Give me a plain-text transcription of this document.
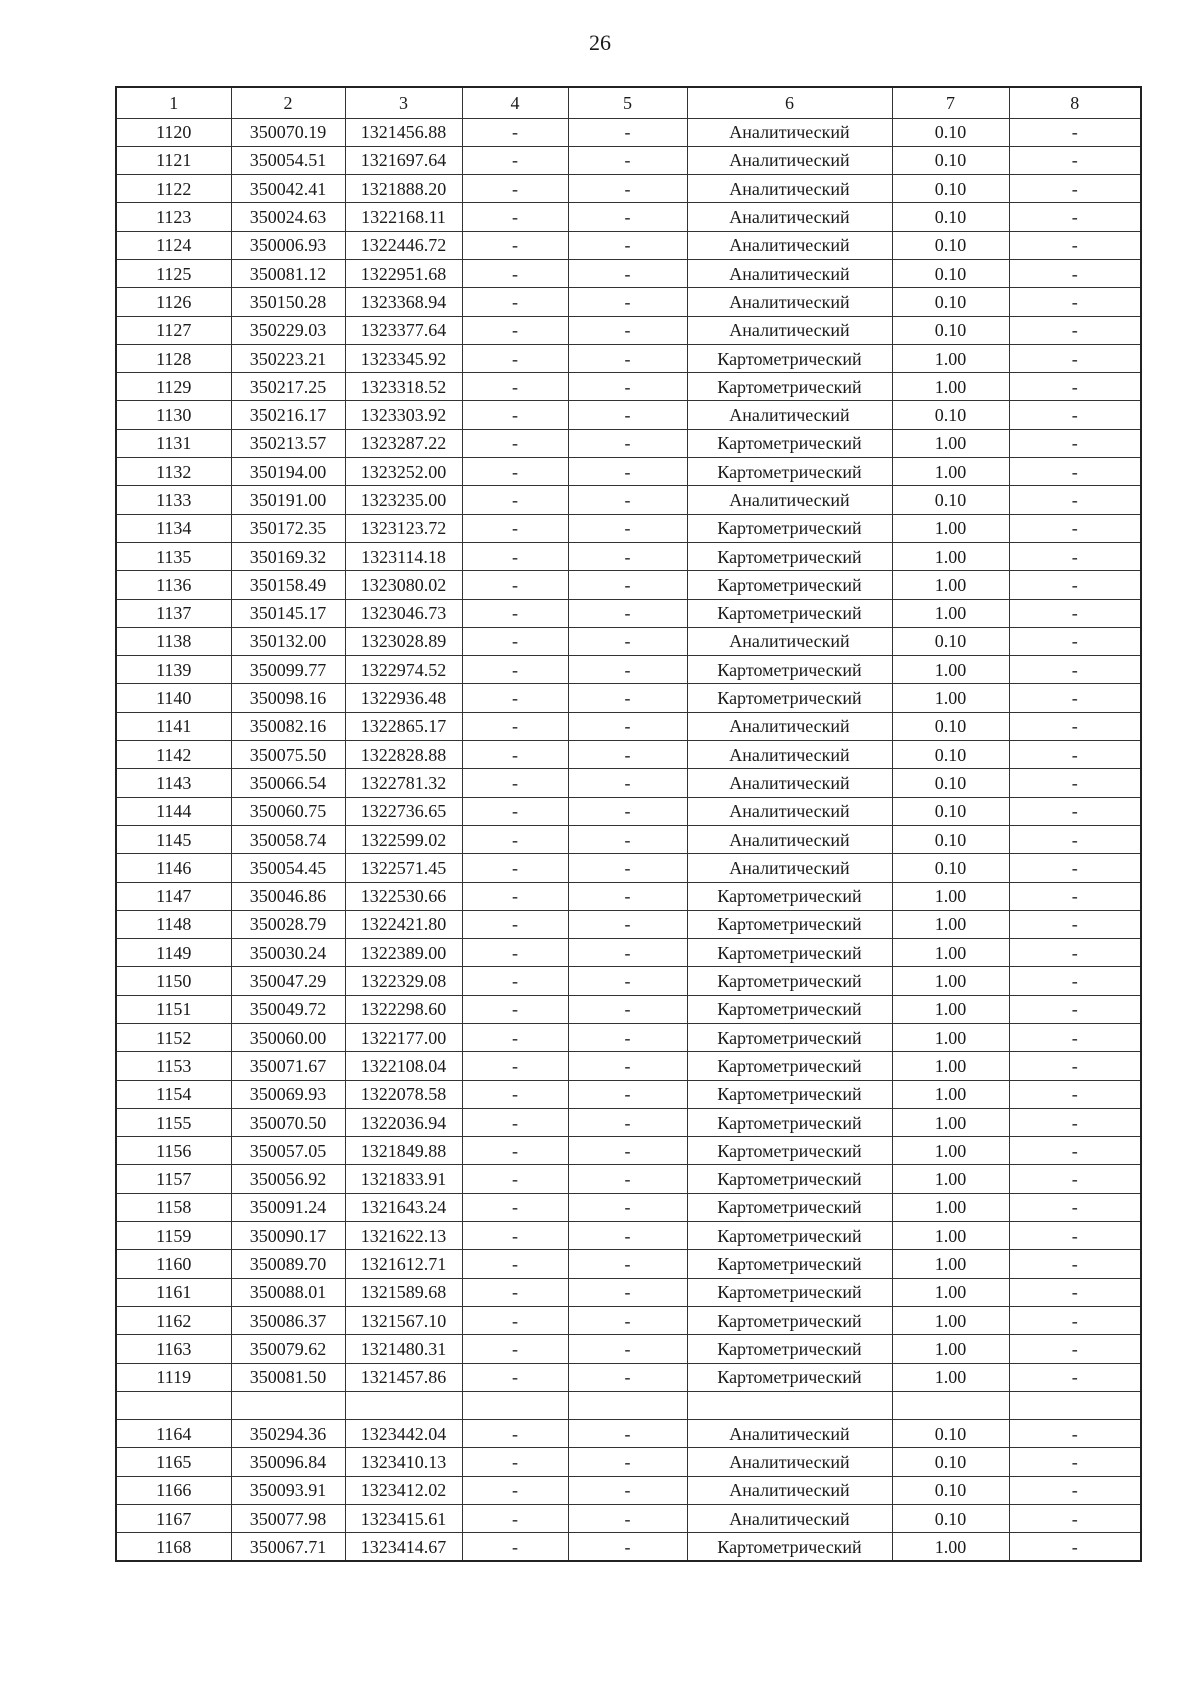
26
1	2	3	4	5	6	7	8
1120	350070.19	1321456.88	-	-	Аналитический	0.10	-
1121	350054.51	1321697.64	-	-	Аналитический	0.10	-
1122	350042.41	1321888.20	-	-	Аналитический	0.10	-
1123	350024.63	1322168.11	-	-	Аналитический	0.10	-
1124	350006.93	1322446.72	-	-	Аналитический	0.10	-
1125	350081.12	1322951.68	-	-	Аналитический	0.10	-
1126	350150.28	1323368.94	-	-	Аналитический	0.10	-
1127	350229.03	1323377.64	-	-	Аналитический	0.10	-
1128	350223.21	1323345.92	-	-	Картометрический	1.00	-
1129	350217.25	1323318.52	-	-	Картометрический	1.00	-
1130	350216.17	1323303.92	-	-	Аналитический	0.10	-
1131	350213.57	1323287.22	-	-	Картометрический	1.00	-
1132	350194.00	1323252.00	-	-	Картометрический	1.00	-
1133	350191.00	1323235.00	-	-	Аналитический	0.10	-
1134	350172.35	1323123.72	-	-	Картометрический	1.00	-
1135	350169.32	1323114.18	-	-	Картометрический	1.00	-
1136	350158.49	1323080.02	-	-	Картометрический	1.00	-
1137	350145.17	1323046.73	-	-	Картометрический	1.00	-
1138	350132.00	1323028.89	-	-	Аналитический	0.10	-
1139	350099.77	1322974.52	-	-	Картометрический	1.00	-
1140	350098.16	1322936.48	-	-	Картометрический	1.00	-
1141	350082.16	1322865.17	-	-	Аналитический	0.10	-
1142	350075.50	1322828.88	-	-	Аналитический	0.10	-
1143	350066.54	1322781.32	-	-	Аналитический	0.10	-
1144	350060.75	1322736.65	-	-	Аналитический	0.10	-
1145	350058.74	1322599.02	-	-	Аналитический	0.10	-
1146	350054.45	1322571.45	-	-	Аналитический	0.10	-
1147	350046.86	1322530.66	-	-	Картометрический	1.00	-
1148	350028.79	1322421.80	-	-	Картометрический	1.00	-
1149	350030.24	1322389.00	-	-	Картометрический	1.00	-
1150	350047.29	1322329.08	-	-	Картометрический	1.00	-
1151	350049.72	1322298.60	-	-	Картометрический	1.00	-
1152	350060.00	1322177.00	-	-	Картометрический	1.00	-
1153	350071.67	1322108.04	-	-	Картометрический	1.00	-
1154	350069.93	1322078.58	-	-	Картометрический	1.00	-
1155	350070.50	1322036.94	-	-	Картометрический	1.00	-
1156	350057.05	1321849.88	-	-	Картометрический	1.00	-
1157	350056.92	1321833.91	-	-	Картометрический	1.00	-
1158	350091.24	1321643.24	-	-	Картометрический	1.00	-
1159	350090.17	1321622.13	-	-	Картометрический	1.00	-
1160	350089.70	1321612.71	-	-	Картометрический	1.00	-
1161	350088.01	1321589.68	-	-	Картометрический	1.00	-
1162	350086.37	1321567.10	-	-	Картометрический	1.00	-
1163	350079.62	1321480.31	-	-	Картометрический	1.00	-
1119	350081.50	1321457.86	-	-	Картометрический	1.00	-

1164	350294.36	1323442.04	-	-	Аналитический	0.10	-
1165	350096.84	1323410.13	-	-	Аналитический	0.10	-
1166	350093.91	1323412.02	-	-	Аналитический	0.10	-
1167	350077.98	1323415.61	-	-	Аналитический	0.10	-
1168	350067.71	1323414.67	-	-	Картометрический	1.00	-
